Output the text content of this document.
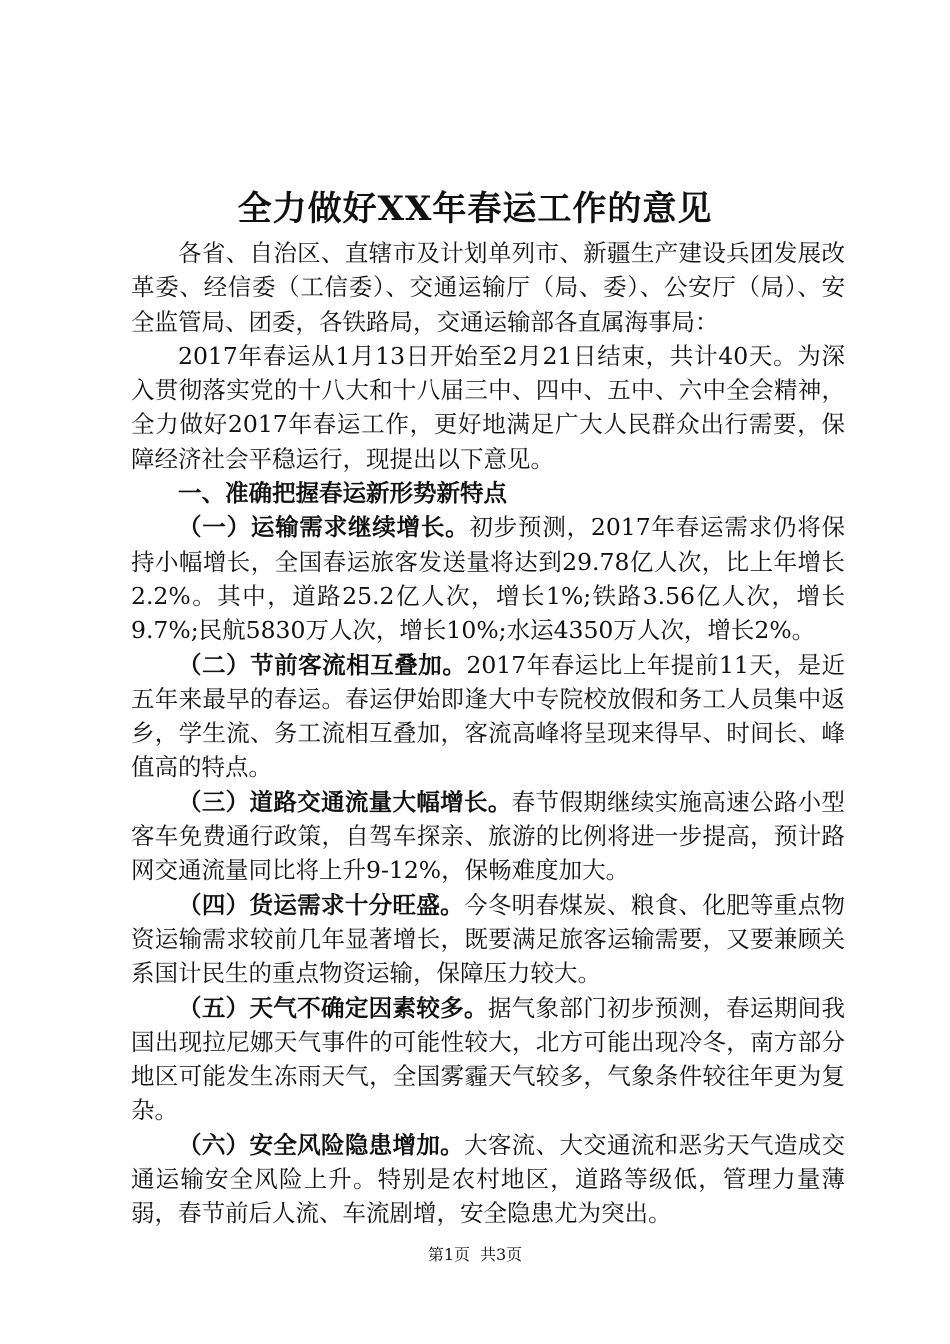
全力做好XX年春运工作的意见

各省、自治区、直辖市及计划单列市、新疆生产建设兵团发展改革委、经信委（工信委）、交通运输厅（局、委）、公安厅（局）、安全监管局、团委，各铁路局，交通运输部各直属海事局：

2017年春运从1月13日开始至2月21日结束，共计40天。为深入贯彻落实党的十八大和十八届三中、四中、五中、六中全会精神，全力做好2017年春运工作，更好地满足广大人民群众出行需要，保障经济社会平稳运行，现提出以下意见。

一、准确把握春运新形势新特点

（一）运输需求继续增长。初步预测，2017年春运需求仍将保持小幅增长，全国春运旅客发送量将达到29.78亿人次，比上年增长2.2%。其中，道路25.2亿人次，增长1%;铁路3.56亿人次，增长9.7%;民航5830万人次，增长10%;水运4350万人次，增长2%。

（二）节前客流相互叠加。2017年春运比上年提前11天，是近五年来最早的春运。春运伊始即逢大中专院校放假和务工人员集中返乡，学生流、务工流相互叠加，客流高峰将呈现来得早、时间长、峰值高的特点。

（三）道路交通流量大幅增长。春节假期继续实施高速公路小型客车免费通行政策，自驾车探亲、旅游的比例将进一步提高，预计路网交通流量同比将上升9-12%，保畅难度加大。

（四）货运需求十分旺盛。今冬明春煤炭、粮食、化肥等重点物资运输需求较前几年显著增长，既要满足旅客运输需要，又要兼顾关系国计民生的重点物资运输，保障压力较大。

（五）天气不确定因素较多。据气象部门初步预测，春运期间我国出现拉尼娜天气事件的可能性较大，北方可能出现冷冬，南方部分地区可能发生冻雨天气，全国雾霾天气较多，气象条件较往年更为复杂。

（六）安全风险隐患增加。大客流、大交通流和恶劣天气造成交通运输安全风险上升。特别是农村地区，道路等级低，管理力量薄弱，春节前后人流、车流剧增，安全隐患尤为突出。

第1页 共3页
